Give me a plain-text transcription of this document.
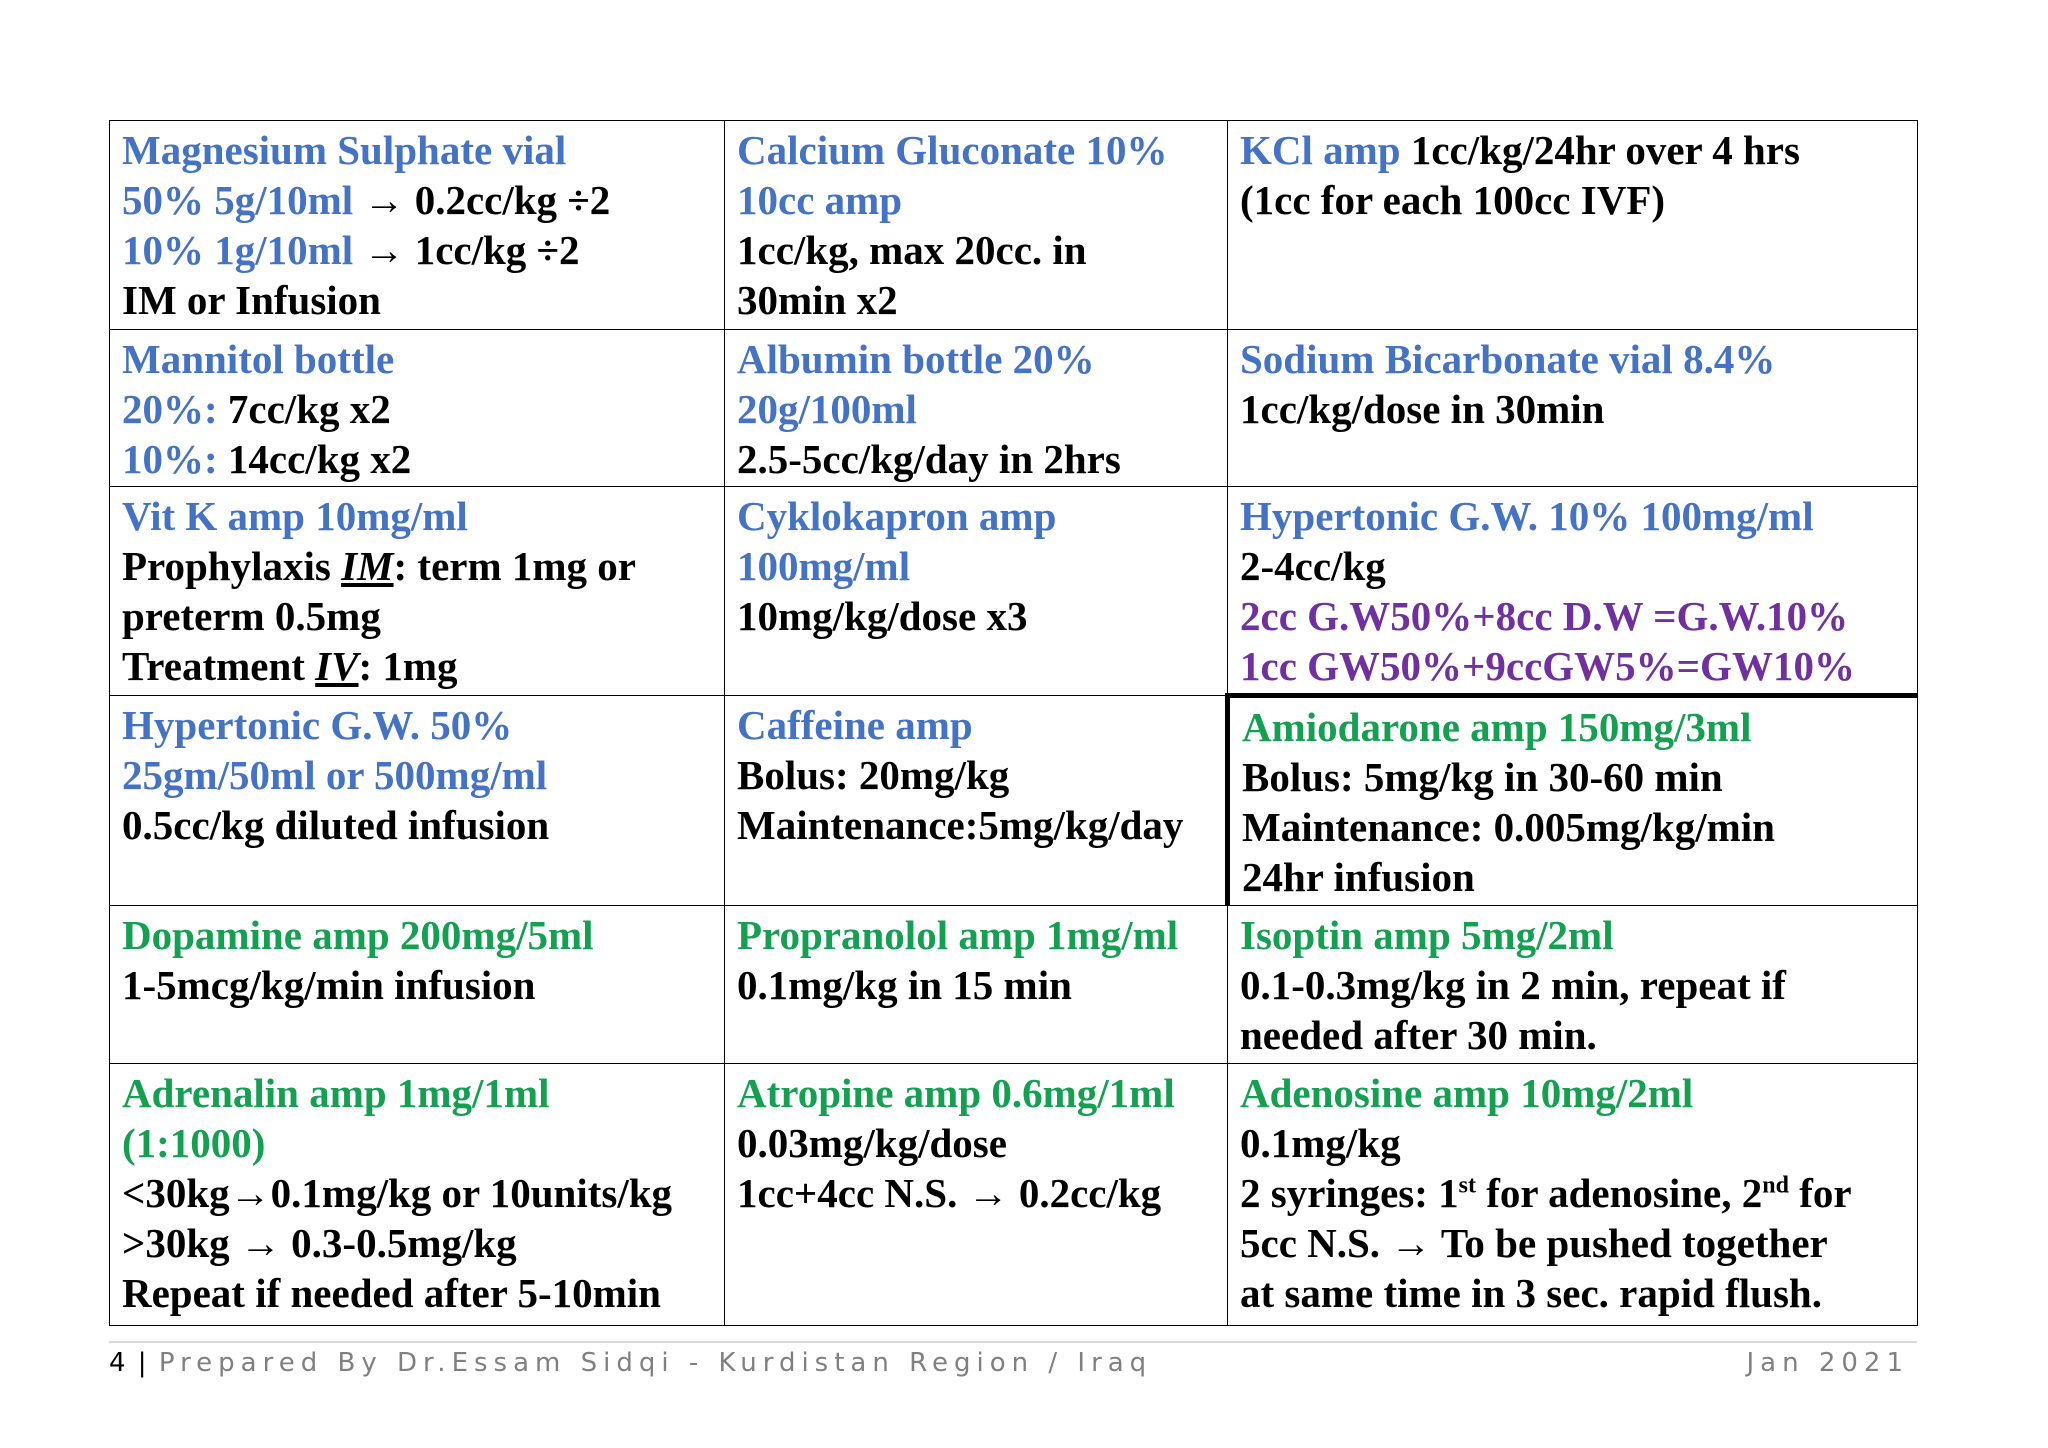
Magnesium Sulphate vial
50% 5g/10ml → 0.2cc/kg ÷2
10% 1g/10ml → 1cc/kg ÷2
IM or Infusion	Calcium Gluconate 10%
10cc amp
1cc/kg, max 20cc. in
30min x2	KCl amp 1cc/kg/24hr over 4 hrs
(1cc for each 100cc IVF)

Mannitol bottle
20%: 7cc/kg x2
10%: 14cc/kg x2	Albumin bottle 20%
20g/100ml
2.5-5cc/kg/day in 2hrs	Sodium Bicarbonate vial 8.4%
1cc/kg/dose in 30min

Vit K amp 10mg/ml
Prophylaxis IM: term 1mg or
preterm 0.5mg
Treatment IV: 1mg	Cyklokapron amp
100mg/ml
10mg/kg/dose x3	Hypertonic G.W. 10% 100mg/ml
2-4cc/kg
2cc G.W50%+8cc D.W =G.W.10%
1cc GW50%+9ccGW5%=GW10%

Hypertonic G.W. 50%
25gm/50ml or 500mg/ml
0.5cc/kg diluted infusion	Caffeine amp
Bolus: 20mg/kg
Maintenance:5mg/kg/day	Amiodarone amp 150mg/3ml
Bolus: 5mg/kg in 30-60 min
Maintenance: 0.005mg/kg/min
24hr infusion

Dopamine amp 200mg/5ml
1-5mcg/kg/min infusion	Propranolol amp 1mg/ml
0.1mg/kg in 15 min	Isoptin amp 5mg/2ml
0.1-0.3mg/kg in 2 min, repeat if
needed after 30 min.

Adrenalin amp 1mg/1ml
(1:1000)
<30kg→0.1mg/kg or 10units/kg
>30kg → 0.3-0.5mg/kg
Repeat if needed after 5-10min	Atropine amp 0.6mg/1ml
0.03mg/kg/dose
1cc+4cc N.S. → 0.2cc/kg	Adenosine amp 10mg/2ml
0.1mg/kg
2 syringes: 1st for adenosine, 2nd for
5cc N.S. → To be pushed together
at same time in 3 sec. rapid flush.
4 | Prepared By Dr.Essam Sidqi - Kurdistan Region / Iraq	Jan 2021
